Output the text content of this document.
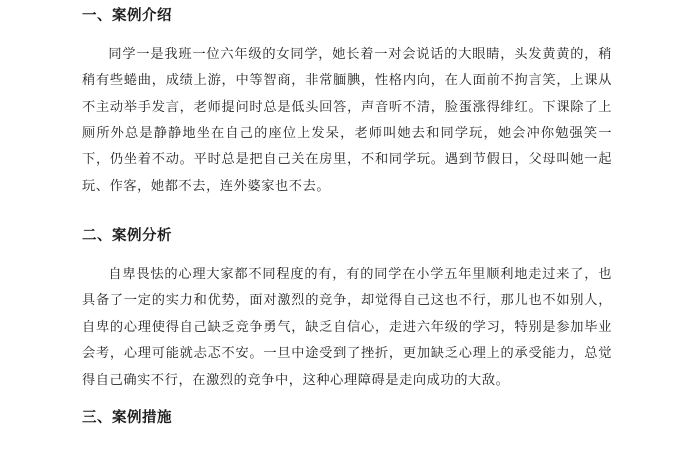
一、案例介绍

同学一是我班一位六年级的女同学，她长着一对会说话的大眼睛，头发黄黄的，稍稍有些蜷曲，成绩上游，中等智商，非常腼腆，性格内向，在人面前不拘言笑，上课从不主动举手发言，老师提问时总是低头回答，声音听不清，脸蛋涨得绯红。下课除了上厕所外总是静静地坐在自己的座位上发呆，老师叫她去和同学玩，她会冲你勉强笑一下，仍坐着不动。平时总是把自己关在房里，不和同学玩。遇到节假日，父母叫她一起玩、作客，她都不去，连外婆家也不去。

二、案例分析

自卑畏怯的心理大家都不同程度的有，有的同学在小学五年里顺利地走过来了，也具备了一定的实力和优势，面对激烈的竞争，却觉得自己这也不行，那儿也不如别人，自卑的心理使得自己缺乏竞争勇气，缺乏自信心，走进六年级的学习，特别是参加毕业会考，心理可能就忐忑不安。一旦中途受到了挫折，更加缺乏心理上的承受能力，总觉得自己确实不行，在激烈的竞争中，这种心理障碍是走向成功的大敌。

三、案例措施
